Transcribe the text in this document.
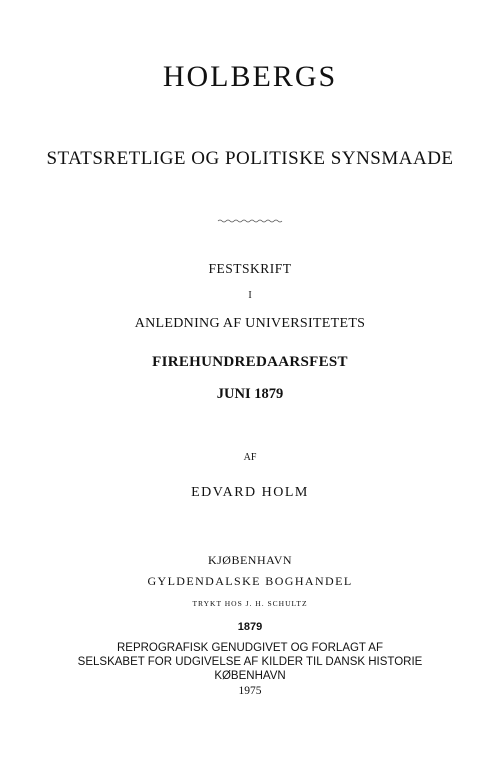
HOLBERGS
STATSRETLIGE OG POLITISKE SYNSMAADE
FESTSKRIFT
I
ANLEDNING AF UNIVERSITETETS
FIREHUNDREDAARSFEST
JUNI 1879
AF
EDVARD HOLM
KJØBENHAVN
GYLDENDALSKE BOGHANDEL
TRYKT HOS J. H. SCHULTZ
1879
REPROGRAFISK GENUDGIVET OG FORLAGT AF
SELSKABET FOR UDGIVELSE AF KILDER TIL DANSK HISTORIE
KØBENHAVN
1975
